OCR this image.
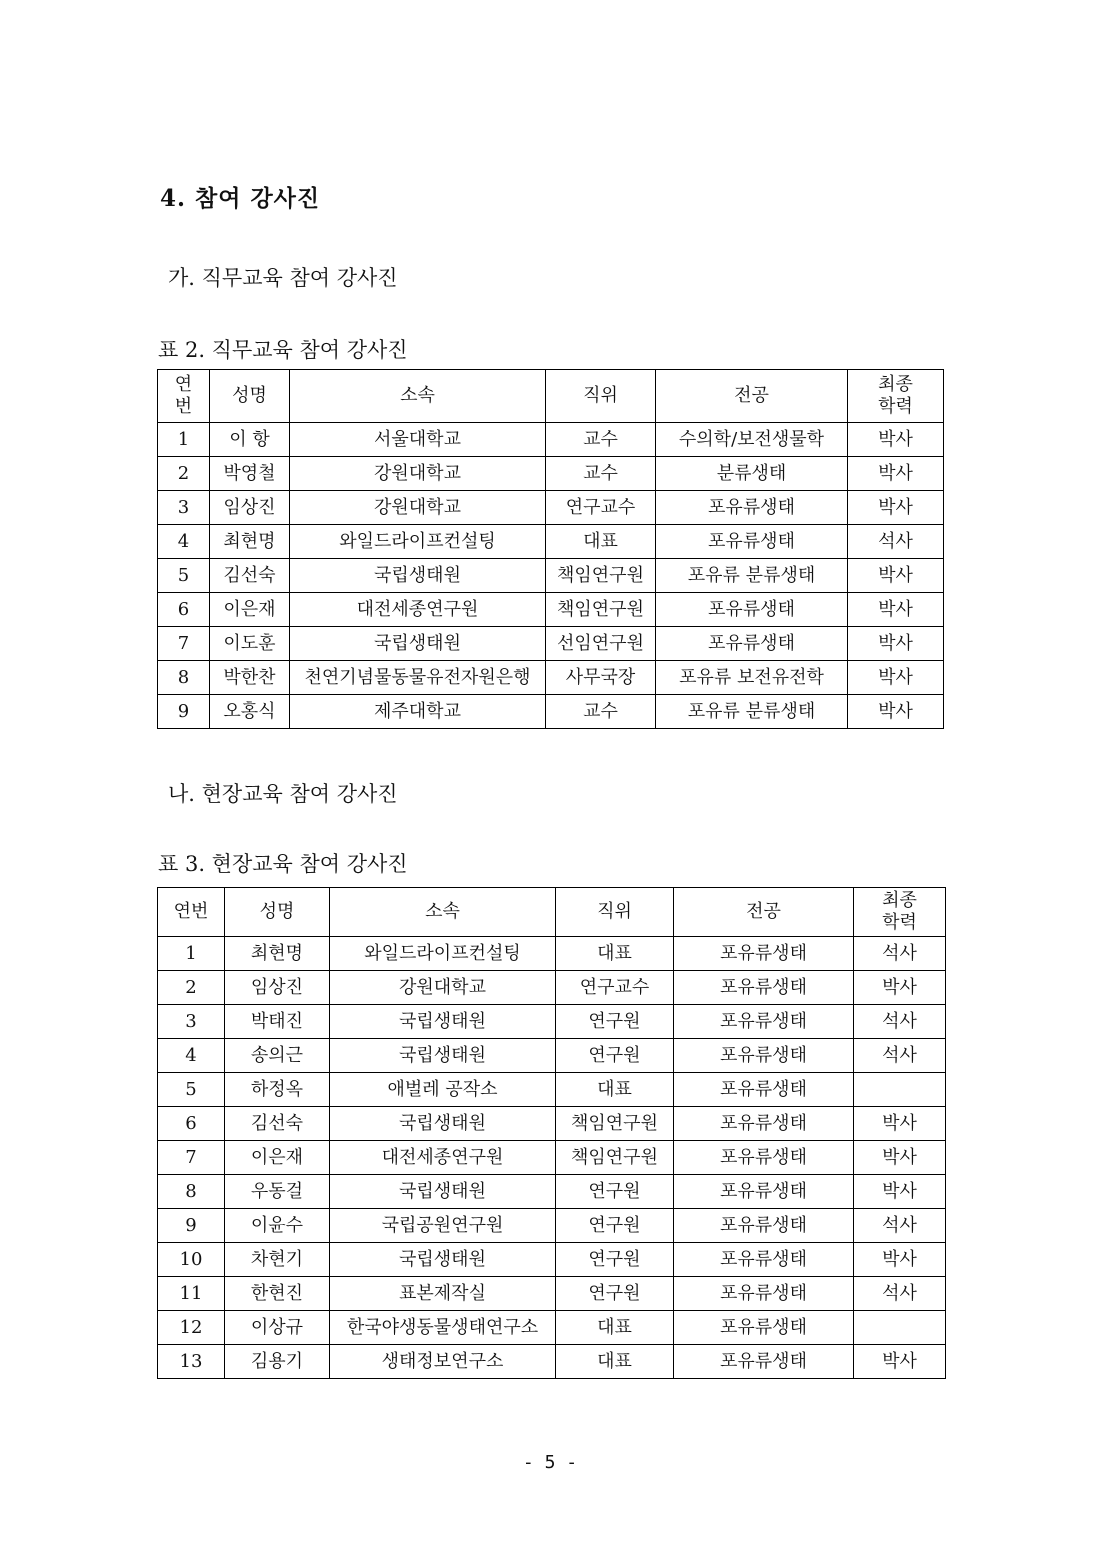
4. 참여 강사진

가. 직무교육 참여 강사진

표 2. 직무교육 참여 강사진

연
번	성명	소속	직위	전공	최종
학력
1	이 항	서울대학교	교수	수의학/보전생물학	박사
2	박영철	강원대학교	교수	분류생태	박사
3	임상진	강원대학교	연구교수	포유류생태	박사
4	최현명	와일드라이프컨설팅	대표	포유류생태	석사
5	김선숙	국립생태원	책임연구원	포유류 분류생태	박사
6	이은재	대전세종연구원	책임연구원	포유류생태	박사
7	이도훈	국립생태원	선임연구원	포유류생태	박사
8	박한찬	천연기념물동물유전자원은행	사무국장	포유류 보전유전학	박사
9	오홍식	제주대학교	교수	포유류 분류생태	박사

나. 현장교육 참여 강사진

표 3. 현장교육 참여 강사진

연번	성명	소속	직위	전공	최종
학력
1	최현명	와일드라이프컨설팅	대표	포유류생태	석사
2	임상진	강원대학교	연구교수	포유류생태	박사
3	박태진	국립생태원	연구원	포유류생태	석사
4	송의근	국립생태원	연구원	포유류생태	석사
5	하정옥	애벌레 공작소	대표	포유류생태	
6	김선숙	국립생태원	책임연구원	포유류생태	박사
7	이은재	대전세종연구원	책임연구원	포유류생태	박사
8	우동걸	국립생태원	연구원	포유류생태	박사
9	이윤수	국립공원연구원	연구원	포유류생태	석사
10	차현기	국립생태원	연구원	포유류생태	박사
11	한현진	표본제작실	연구원	포유류생태	석사
12	이상규	한국야생동물생태연구소	대표	포유류생태	
13	김용기	생태정보연구소	대표	포유류생태	박사
- 5 -
